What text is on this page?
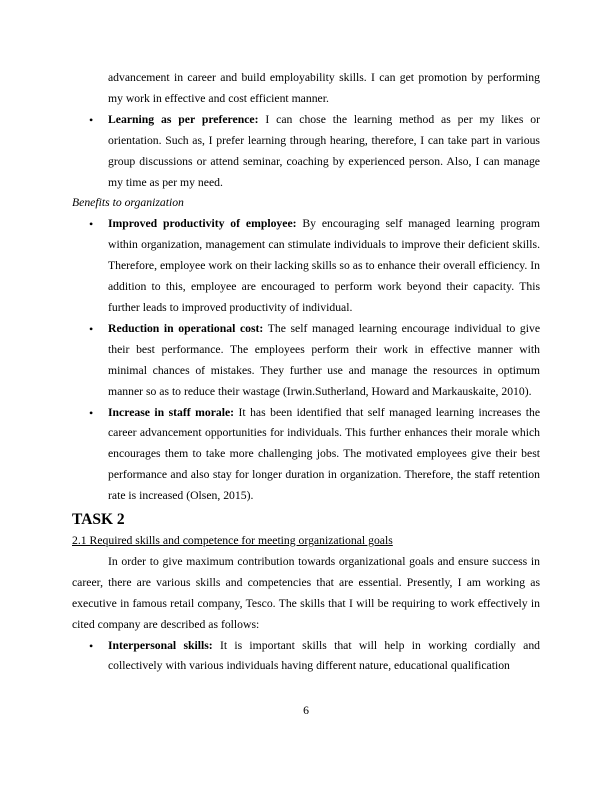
advancement in career and build employability skills. I can get promotion by performing my work in effective and cost efficient manner.
• Learning as per preference: I can chose the learning method as per my likes or orientation. Such as, I prefer learning through hearing, therefore, I can take part in various group discussions or attend seminar, coaching by experienced person. Also, I can manage my time as per my need.
Benefits to organization
• Improved productivity of employee: By encouraging self managed learning program within organization, management can stimulate individuals to improve their deficient skills. Therefore, employee work on their lacking skills so as to enhance their overall efficiency. In addition to this, employee are encouraged to perform work beyond their capacity. This further leads to improved productivity of individual.
• Reduction in operational cost: The self managed learning encourage individual to give their best performance. The employees perform their work in effective manner with minimal chances of mistakes. They further use and manage the resources in optimum manner so as to reduce their wastage (Irwin.Sutherland, Howard and Markauskaite, 2010).
• Increase in staff morale: It has been identified that self managed learning increases the career advancement opportunities for individuals. This further enhances their morale which encourages them to take more challenging jobs. The motivated employees give their best performance and also stay for longer duration in organization. Therefore, the staff retention rate is increased (Olsen, 2015).
TASK 2
2.1 Required skills and competence for meeting organizational goals
In order to give maximum contribution towards organizational goals and ensure success in career, there are various skills and competencies that are essential. Presently, I am working as executive in famous retail company, Tesco. The skills that I will be requiring to work effectively in cited company are described as follows:
• Interpersonal skills: It is important skills that will help in working cordially and collectively with various individuals having different nature, educational qualification
6
